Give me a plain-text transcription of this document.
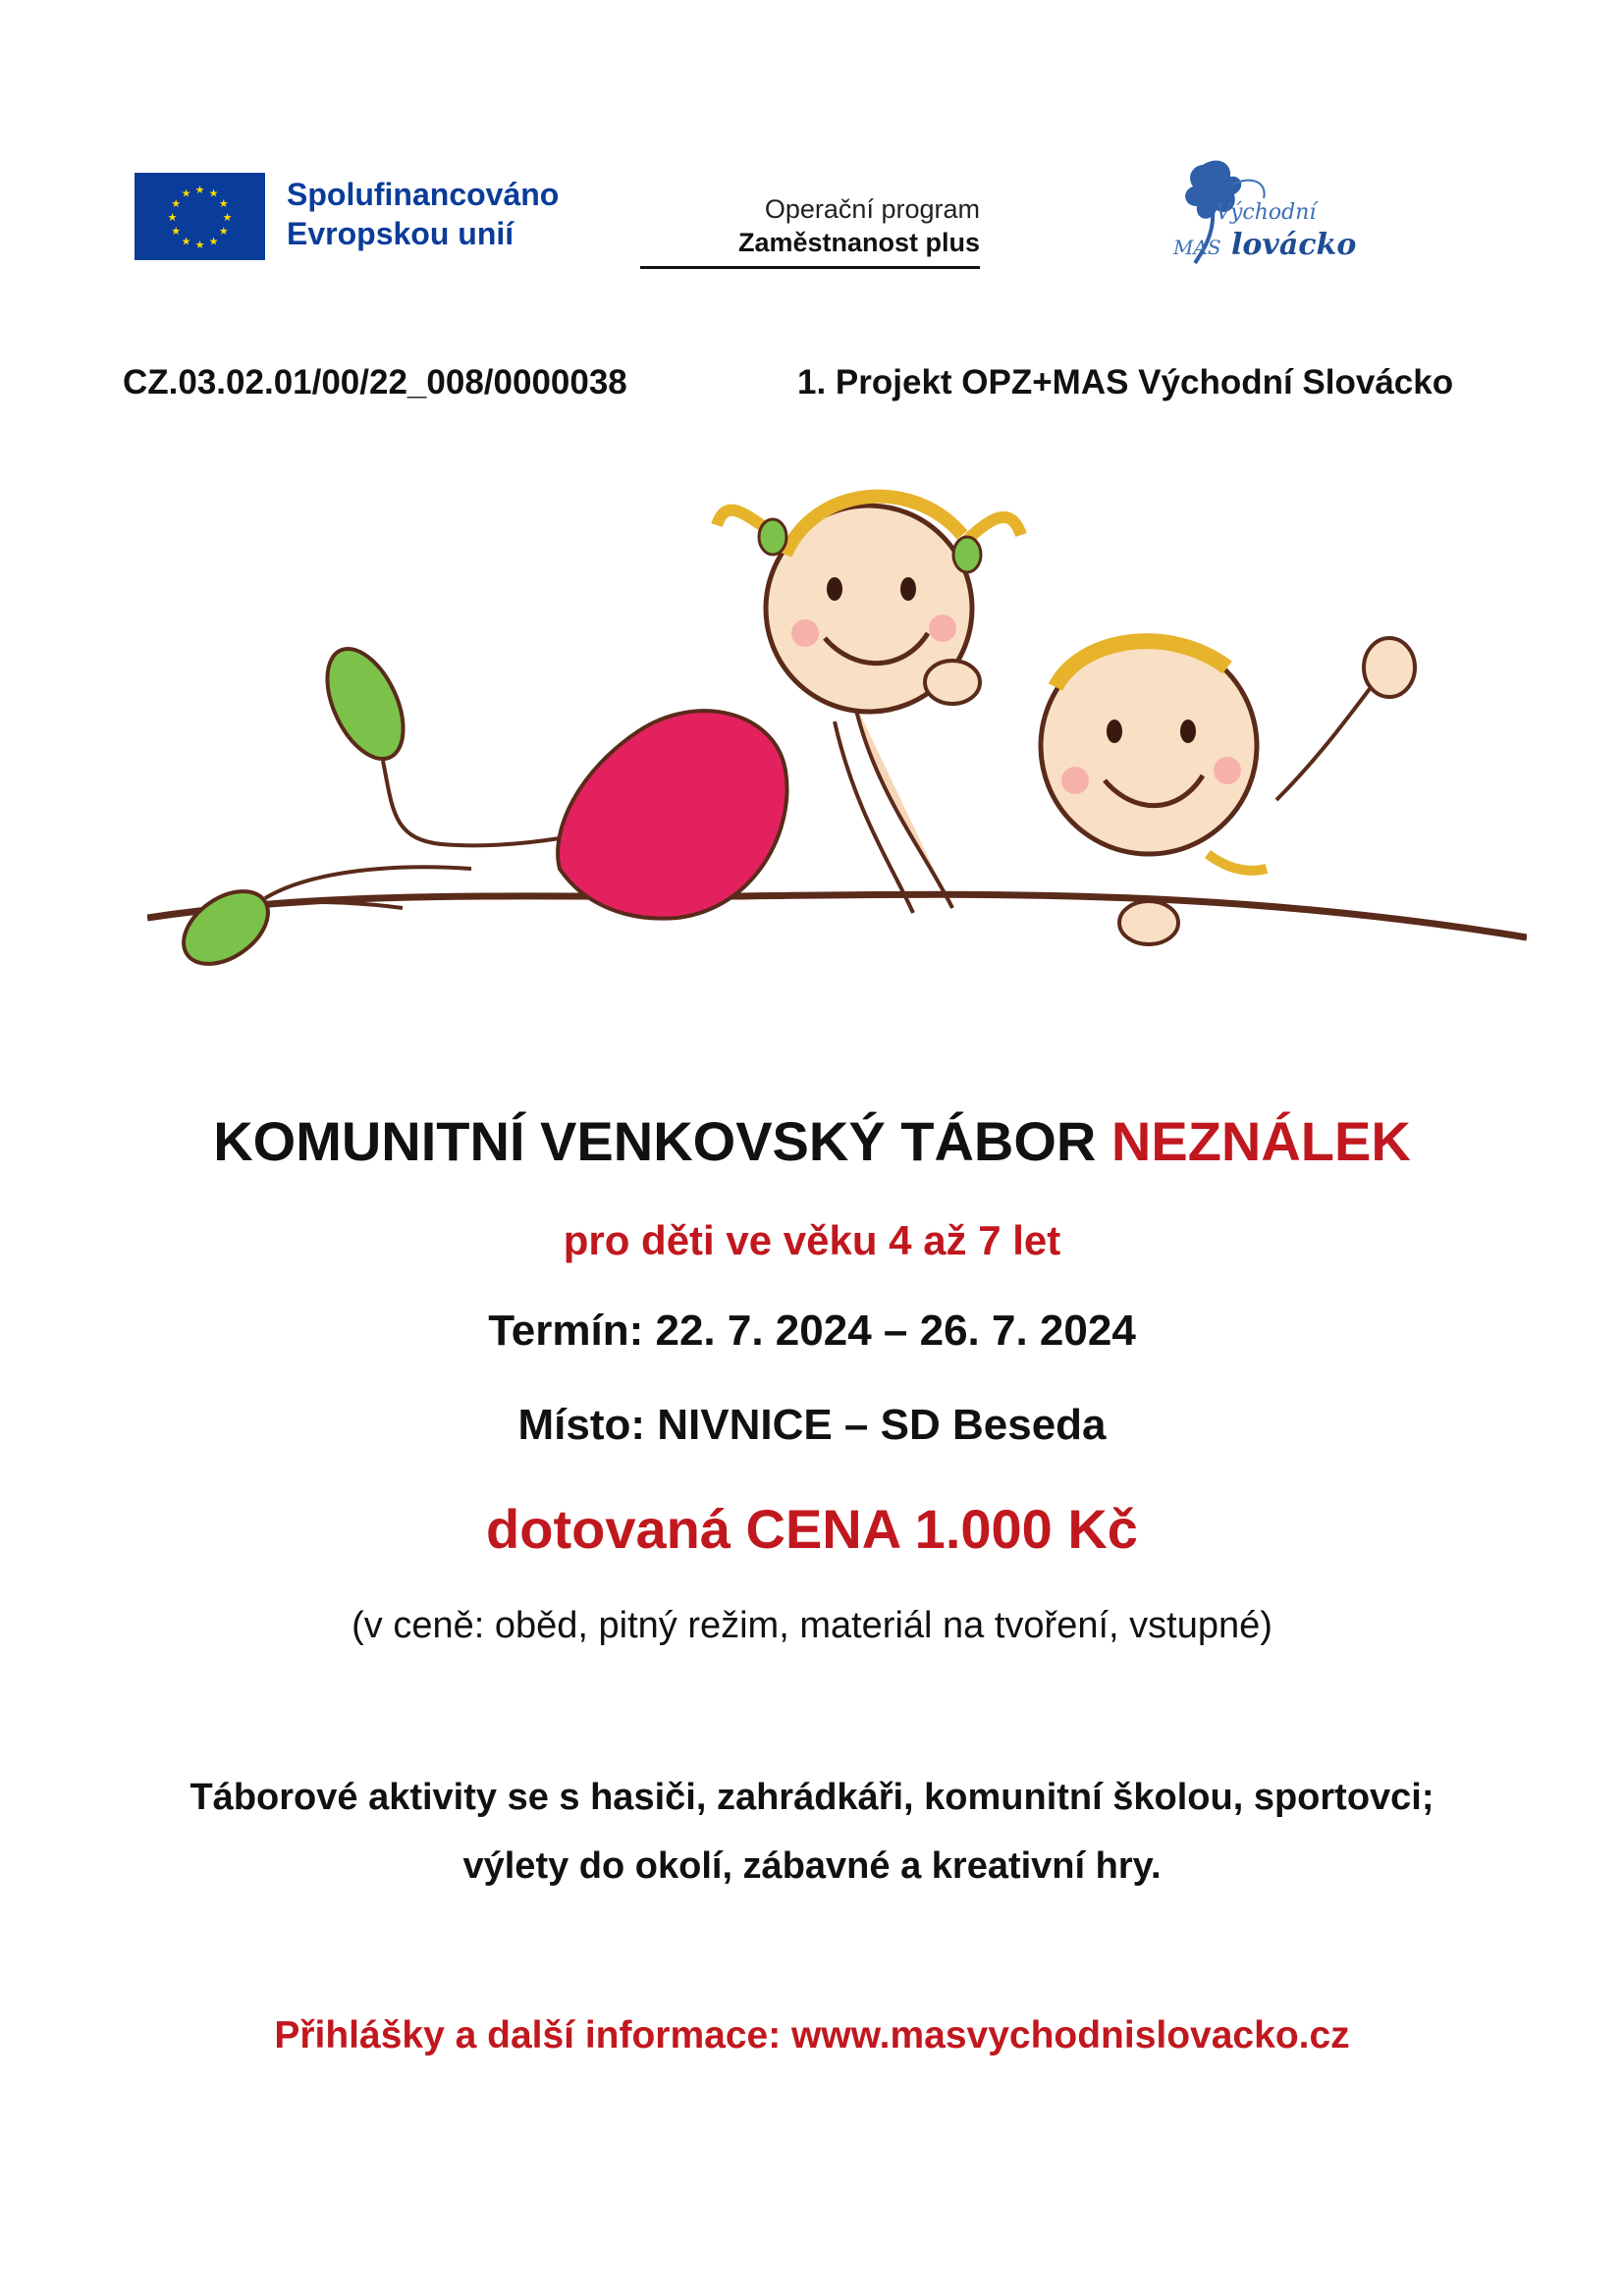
★ ★
★
★
★
★
★
★
★
★
★
★	Spolufinancováno
Evropskou unií
Operační program
Zaměstnanost plus
Východní
MAS lovácko
CZ.03.02.01/00/22_008/0000038	1. Projekt OPZ+MAS Východní Slovácko
KOMUNITNÍ VENKOVSKÝ TÁBOR NEZNÁLEK
pro děti ve věku 4 až 7 let
Termín: 22. 7. 2024 – 26. 7. 2024
Místo: NIVNICE – SD Beseda
dotovaná CENA 1.000 Kč
(v ceně: oběd, pitný režim, materiál na tvoření, vstupné)
Táborové aktivity se s hasiči, zahrádkáři, komunitní školou, sportovci;
výlety do okolí, zábavné a kreativní hry.
Přihlášky a další informace: www.masvychodnislovacko.cz
